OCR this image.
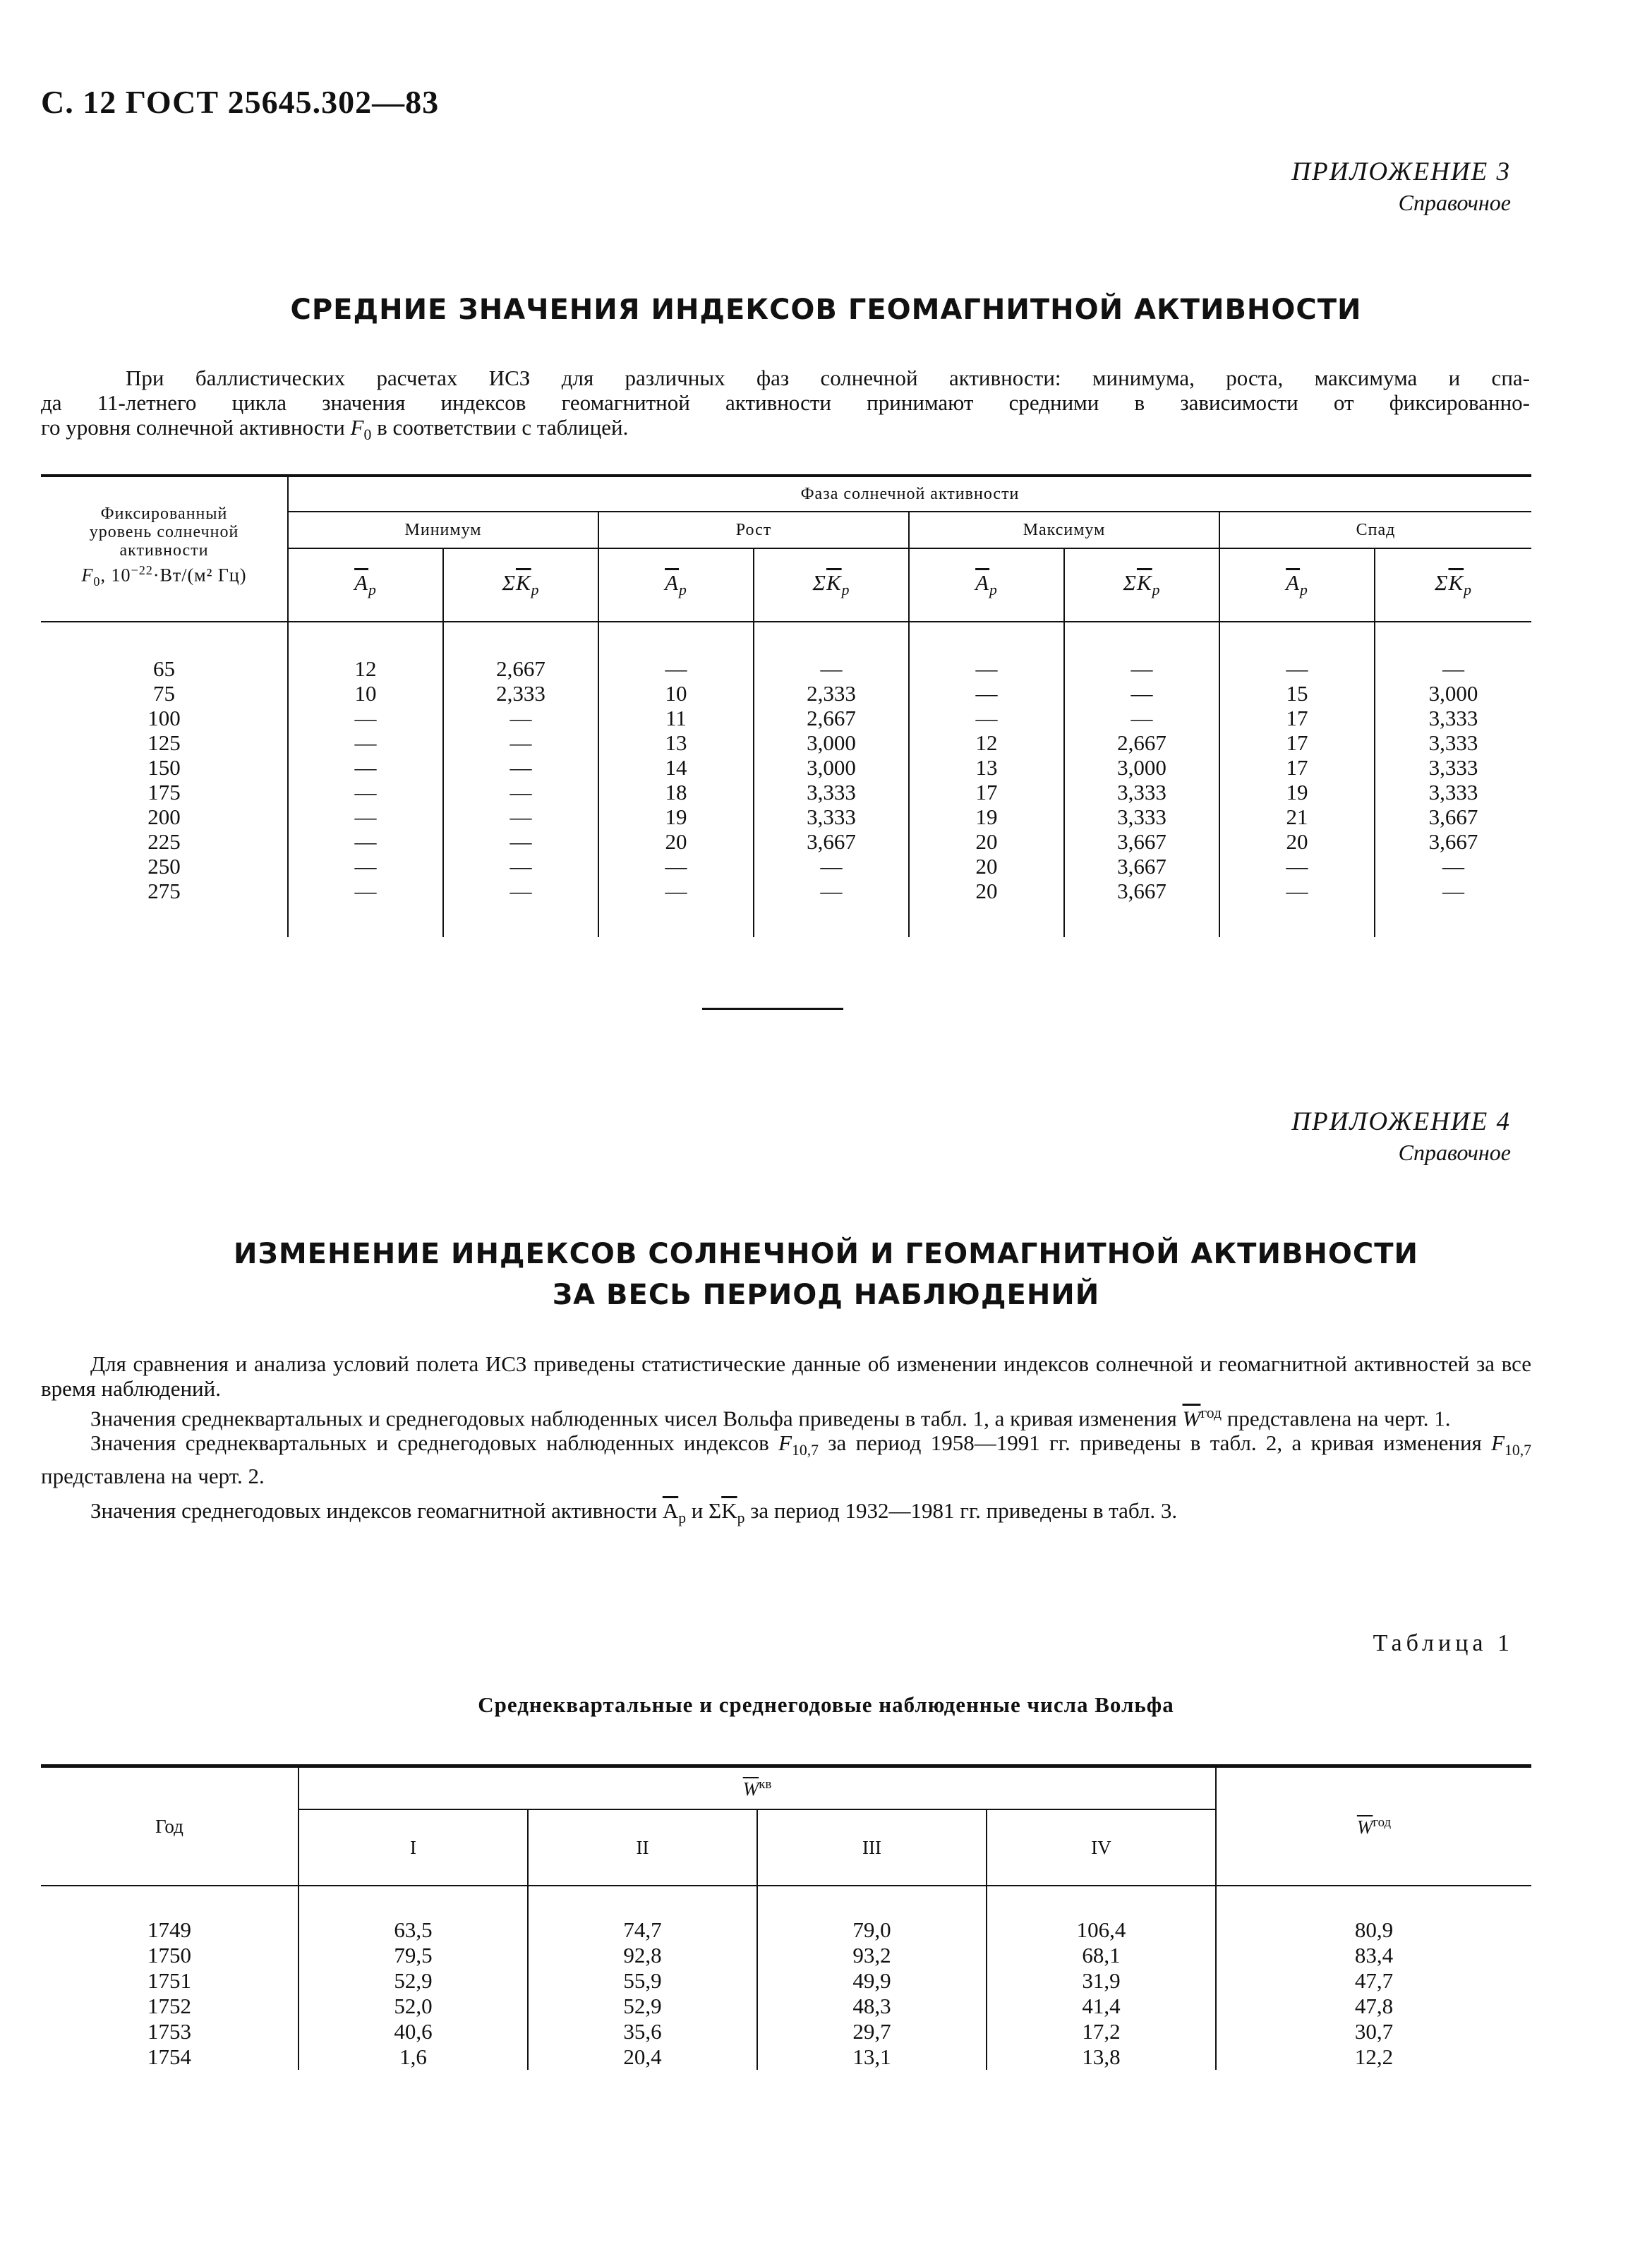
С. 12 ГОСТ 25645.302—83
ПРИЛОЖЕНИЕ 3
Справочное
СРЕДНИЕ ЗНАЧЕНИЯ ИНДЕКСОВ ГЕОМАГНИТНОЙ АКТИВНОСТИ

При баллистических расчетах ИСЗ для различных фаз солнечной активности: минимума, роста, максимума и спа-

да 11-летнего цикла значения индексов геомагнитной активности принимают средними в зависимости от фиксированно-

го уровня солнечной активности $F_0$ в соответствии с таблицей.

Фиксированный
уровень солнечной
активности
$F_0$, $10^{-22}\cdot Вт/(м^2$ Гц)	Фаза солнечной активности							
	Минимум		Рост		Максимум		Спад	
	$\overline{A}_p$	$\Sigma\overline{K}_p$	$\overline{A}_p$	$\Sigma\overline{K}_p$	$\overline{A}_p$	$\Sigma\overline{K}_p$	$\overline{A}_p$	$\Sigma\overline{K}_p$

65	12	2,667	—	—	—	—	—	—
75	10	2,333	10	2,333	—	—	15	3,000
100	—	—	11	2,667	—	—	17	3,333
125	—	—	13	3,000	12	2,667	17	3,333
150	—	—	14	3,000	13	3,000	17	3,333
175	—	—	18	3,333	17	3,333	19	3,333
200	—	—	19	3,333	19	3,333	21	3,667
225	—	—	20	3,667	20	3,667	20	3,667
250	—	—	—	—	20	3,667	—	—
275	—	—	—	—	20	3,667	—	—

ПРИЛОЖЕНИЕ 4
Справочное
ИЗМЕНЕНИЕ ИНДЕКСОВ СОЛНЕЧНОЙ И ГЕОМАГНИТНОЙ АКТИВНОСТИ
ЗА ВЕСЬ ПЕРИОД НАБЛЮДЕНИЙ

Для сравнения и анализа условий полета ИСЗ приведены статистические данные об изменении индексов солнечной и геомагнитной активностей за все время наблюдений.

Значения среднеквартальных и среднегодовых наблюденных чисел Вольфа приведены в табл. 1, а кривая изменения $\overline{W}^{год}$ представлена на черт. 1.

Значения среднеквартальных и среднегодовых наблюденных индексов $F_{10,7}$ за период 1958—1991 гг. приведены в табл. 2, а кривая изменения $F_{10,7}$ представлена на черт. 2.

Значения среднегодовых индексов геомагнитной активности $\overline{A}_p$ и $\Sigma\overline{K}_p$ за период 1932—1981 гг. приведены в табл. 3.

Таблица 1
Среднеквартальные и среднегодовые наблюденные числа Вольфа
Год	$\overline{W}^{кв}$				$\overline{W}^{год}$
	I	II	III	IV	

1749	63,5	74,7	79,0	106,4	80,9
1750	79,5	92,8	93,2	68,1	83,4
1751	52,9	55,9	49,9	31,9	47,7
1752	52,0	52,9	48,3	41,4	47,8
1753	40,6	35,6	29,7	17,2	30,7
1754	1,6	20,4	13,1	13,8	12,2
